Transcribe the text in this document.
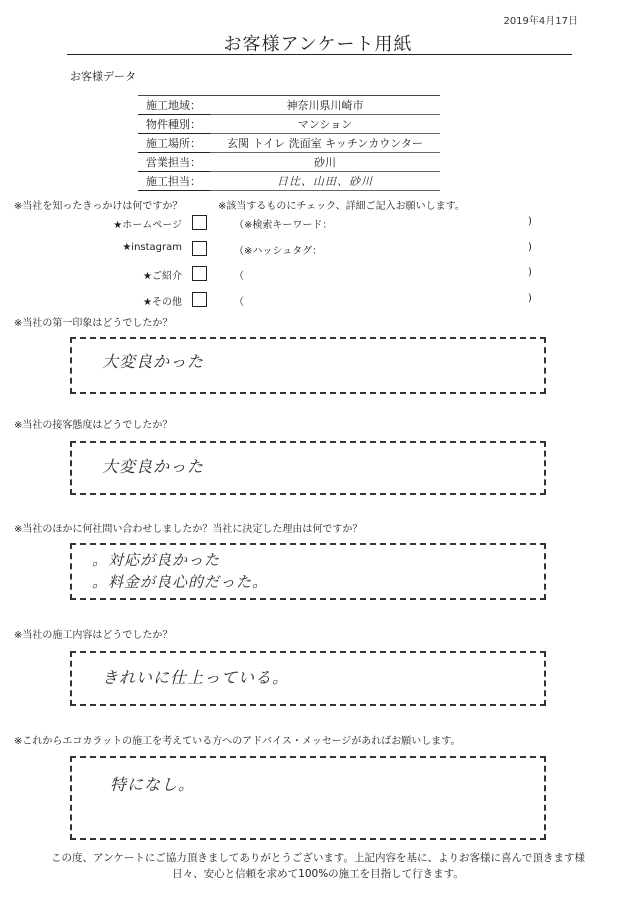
2019年4月17日
お客様アンケート用紙
お客様データ
施工地域：	神奈川県川崎市
物件種別：	マンション
施工場所：	玄関 トイレ 洗面室 キッチンカウンター
営業担当：	砂川
施工担当：	日比、山田、砂川
※当社を知ったきっかけは何ですか？	※該当するものにチェック、詳細ご記入お願いします。
★ホームページ	（※検索キーワード：	)
★instagram	（※ハッシュタグ：	)
★ご紹介	（	)
★その他	（	)
※当社の第一印象はどうでしたか？
大変良かった
※当社の接客態度はどうでしたか？
大変良かった
※当社のほかに何社問い合わせしましたか？当社に決定した理由は何ですか？
。対応が良かった
。料金が良心的だった。
※当社の施工内容はどうでしたか？
きれいに仕上っている。
※これからエコカラットの施工を考えている方へのアドバイス・メッセージがあればお願いします。
特になし。
この度、アンケートにご協力頂きましてありがとうございます。上記内容を基に、よりお客様に喜んで頂きます様
日々、安心と信頼を求めて100%の施工を目指して行きます。
